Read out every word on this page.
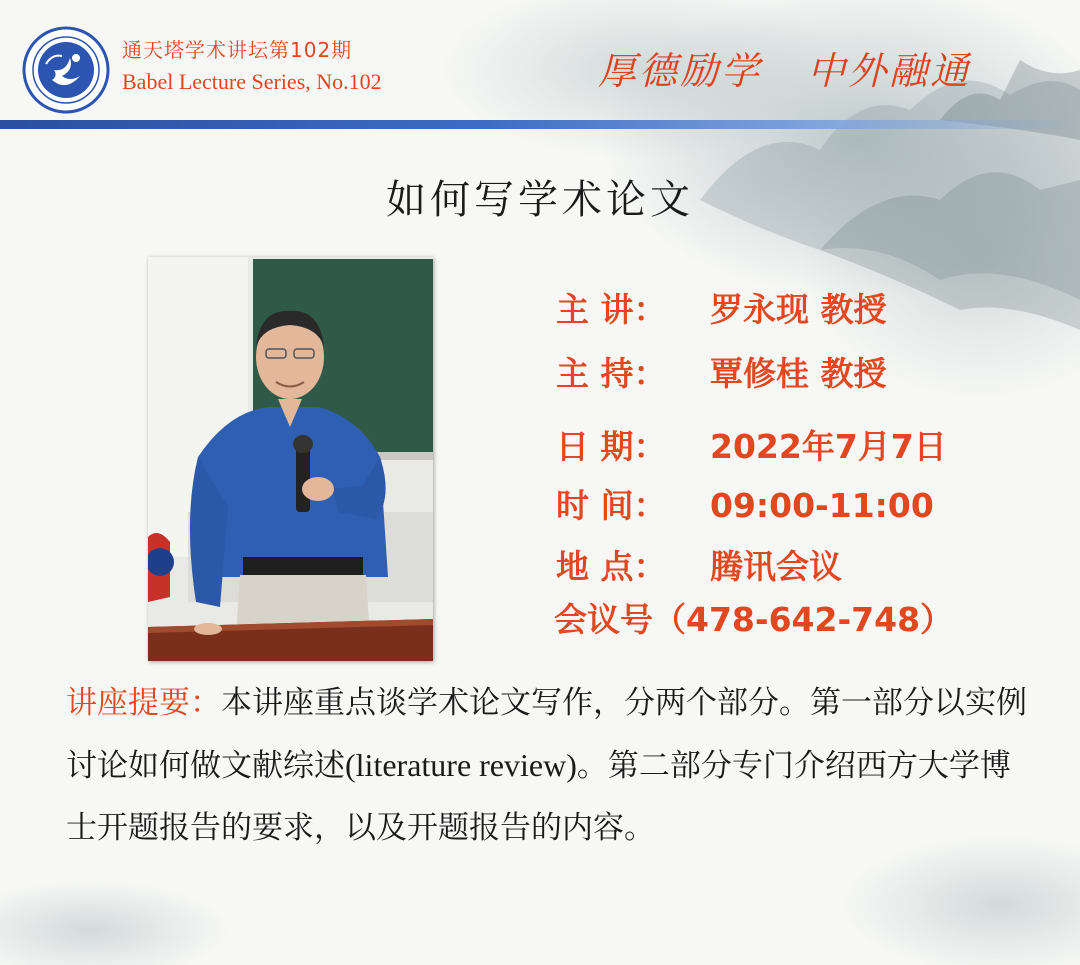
通天塔学术讲坛第102期
Babel Lecture Series, No.102	厚德励学   中外融通
如何写学术论文
主 讲： 罗永现 教授
主 持： 覃修桂 教授
日 期： 2022年7月7日
时 间： 09:00-11:00
地 点： 腾讯会议
会议号（478-642-748）
讲座提要：本讲座重点谈学术论文写作，分两个部分。第一部分以实例讨论如何做文献综述(literature review)。第二部分专门介绍西方大学博士开题报告的要求，以及开题报告的内容。
